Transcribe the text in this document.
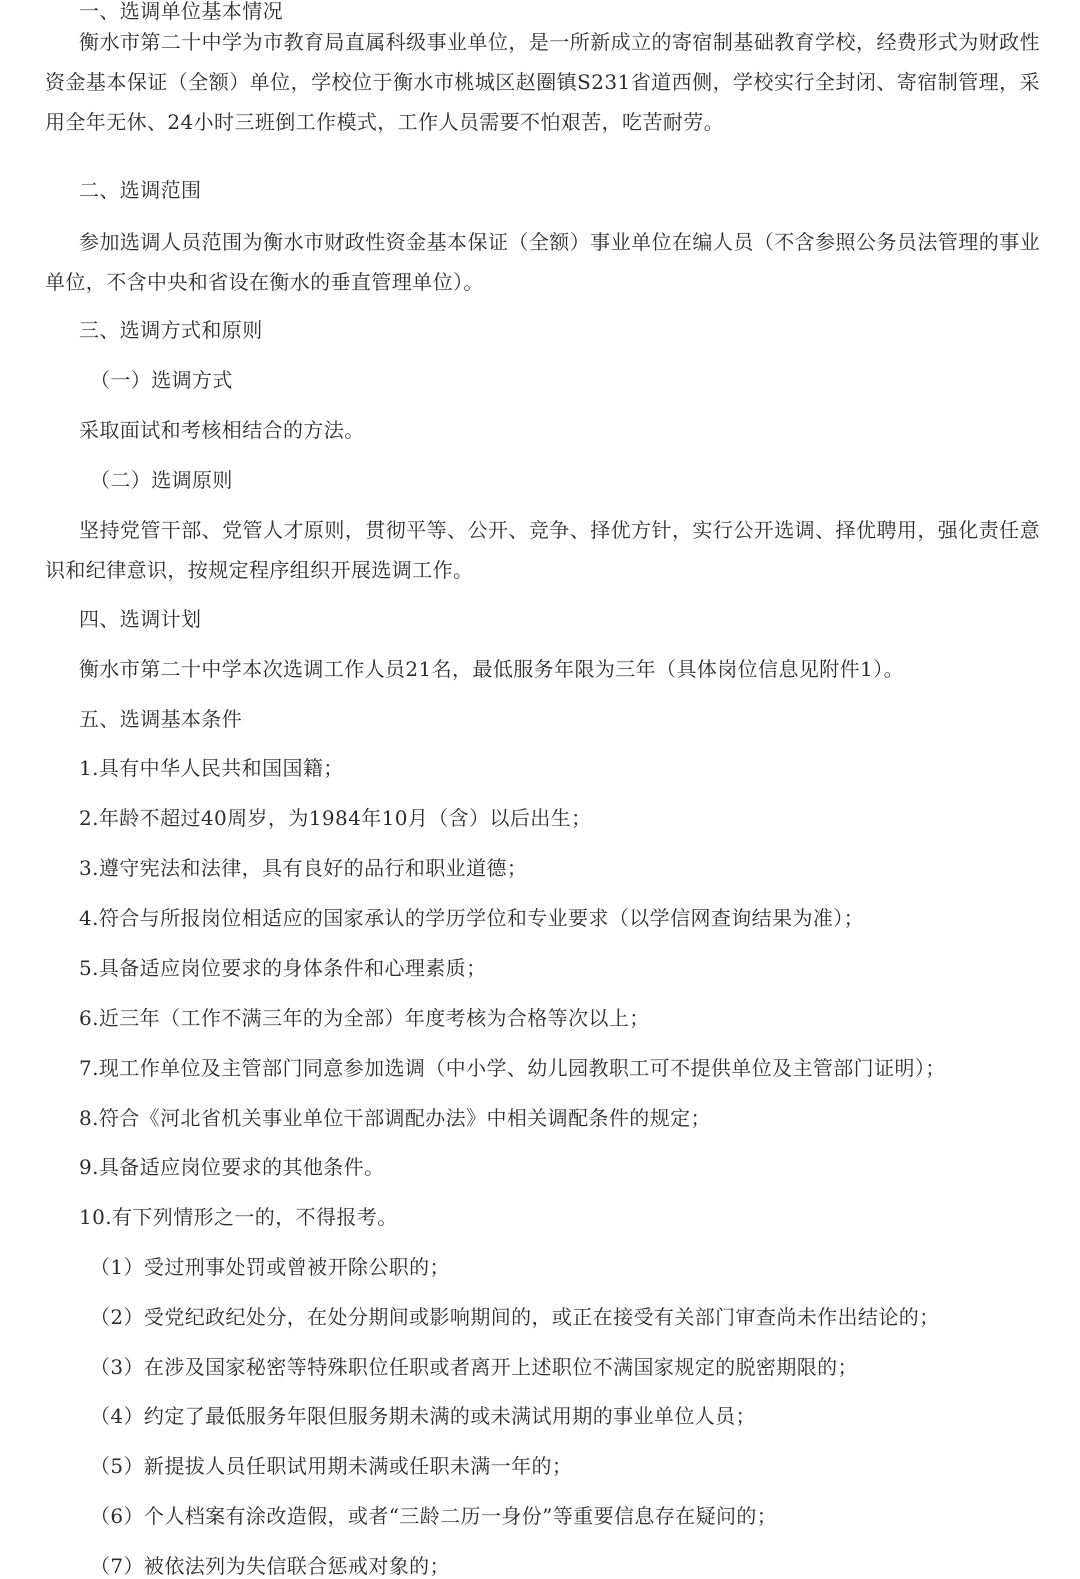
一、选调单位基本情况
衡水市第二十中学为市教育局直属科级事业单位，是一所新成立的寄宿制基础教育学校，经费形式为财政性资金基本保证（全额）单位，学校位于衡水市桃城区赵圈镇S231省道西侧，学校实行全封闭、寄宿制管理，采用全年无休、24小时三班倒工作模式，工作人员需要不怕艰苦，吃苦耐劳。
二、选调范围
参加选调人员范围为衡水市财政性资金基本保证（全额）事业单位在编人员（不含参照公务员法管理的事业单位，不含中央和省设在衡水的垂直管理单位）。
三、选调方式和原则
（一）选调方式
采取面试和考核相结合的方法。
（二）选调原则
坚持党管干部、党管人才原则，贯彻平等、公开、竞争、择优方针，实行公开选调、择优聘用，强化责任意识和纪律意识，按规定程序组织开展选调工作。
四、选调计划
衡水市第二十中学本次选调工作人员21名，最低服务年限为三年（具体岗位信息见附件1）。
五、选调基本条件
1.具有中华人民共和国国籍；
2.年龄不超过40周岁，为1984年10月（含）以后出生；
3.遵守宪法和法律，具有良好的品行和职业道德；
4.符合与所报岗位相适应的国家承认的学历学位和专业要求（以学信网查询结果为准）；
5.具备适应岗位要求的身体条件和心理素质；
6.近三年（工作不满三年的为全部）年度考核为合格等次以上；
7.现工作单位及主管部门同意参加选调（中小学、幼儿园教职工可不提供单位及主管部门证明）；
8.符合《河北省机关事业单位干部调配办法》中相关调配条件的规定；
9.具备适应岗位要求的其他条件。
10.有下列情形之一的，不得报考。
（1）受过刑事处罚或曾被开除公职的；
（2）受党纪政纪处分，在处分期间或影响期间的，或正在接受有关部门审查尚未作出结论的；
（3）在涉及国家秘密等特殊职位任职或者离开上述职位不满国家规定的脱密期限的；
（4）约定了最低服务年限但服务期未满的或未满试用期的事业单位人员；
（5）新提拔人员任职试用期未满或任职未满一年的；
（6）个人档案有涂改造假，或者“三龄二历一身份”等重要信息存在疑问的；
（7）被依法列为失信联合惩戒对象的；
